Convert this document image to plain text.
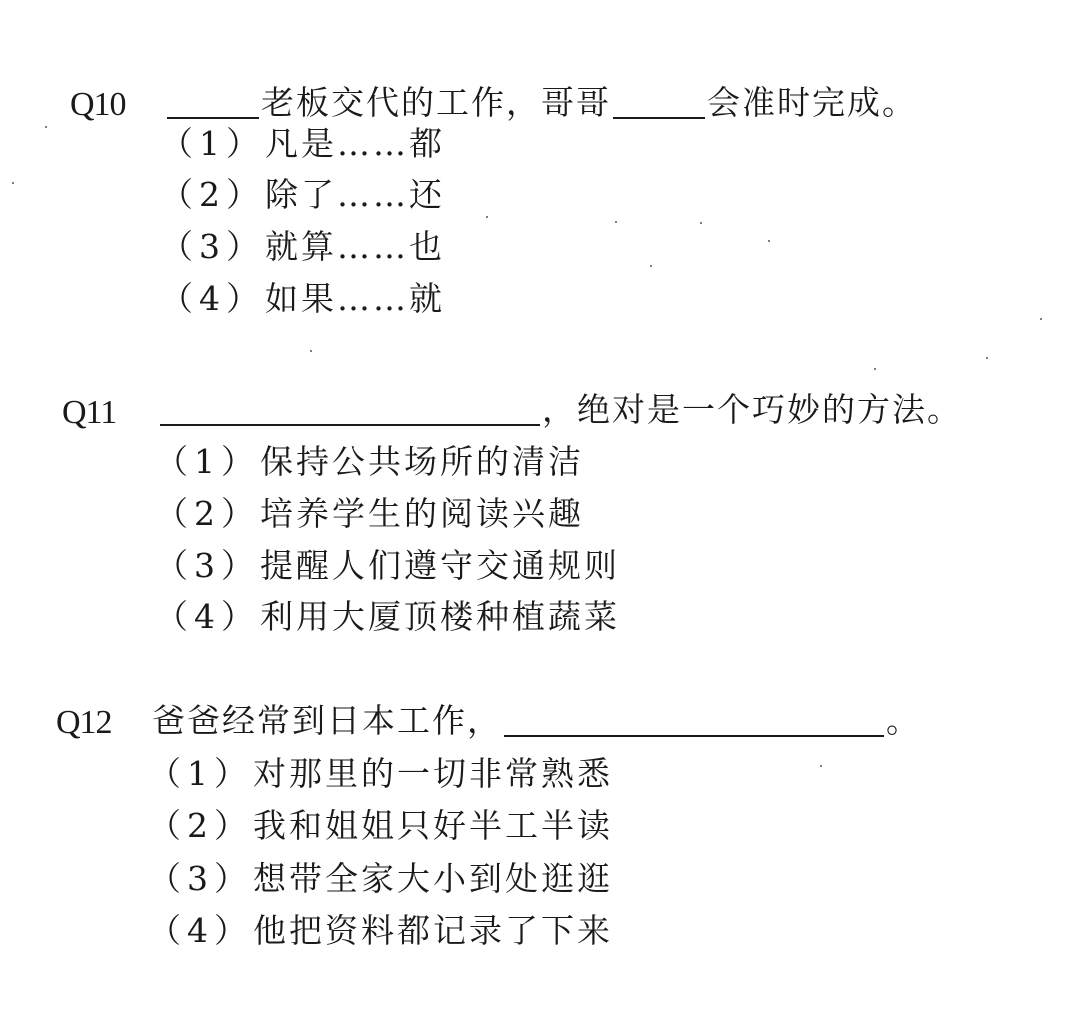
Q10	老板交代的工作，哥哥	会准时完成。
（1）凡是……都
（2）除了……还
（3）就算……也
（4）如果……就
Q11	，绝对是一个巧妙的方法。
（1）保持公共场所的清洁
（2）培养学生的阅读兴趣
（3）提醒人们遵守交通规则
（4）利用大厦顶楼种植蔬菜
Q12 爸爸经常到日本工作，	。
（1）对那里的一切非常熟悉
（2）我和姐姐只好半工半读
（3）想带全家大小到处逛逛
（4）他把资料都记录了下来
